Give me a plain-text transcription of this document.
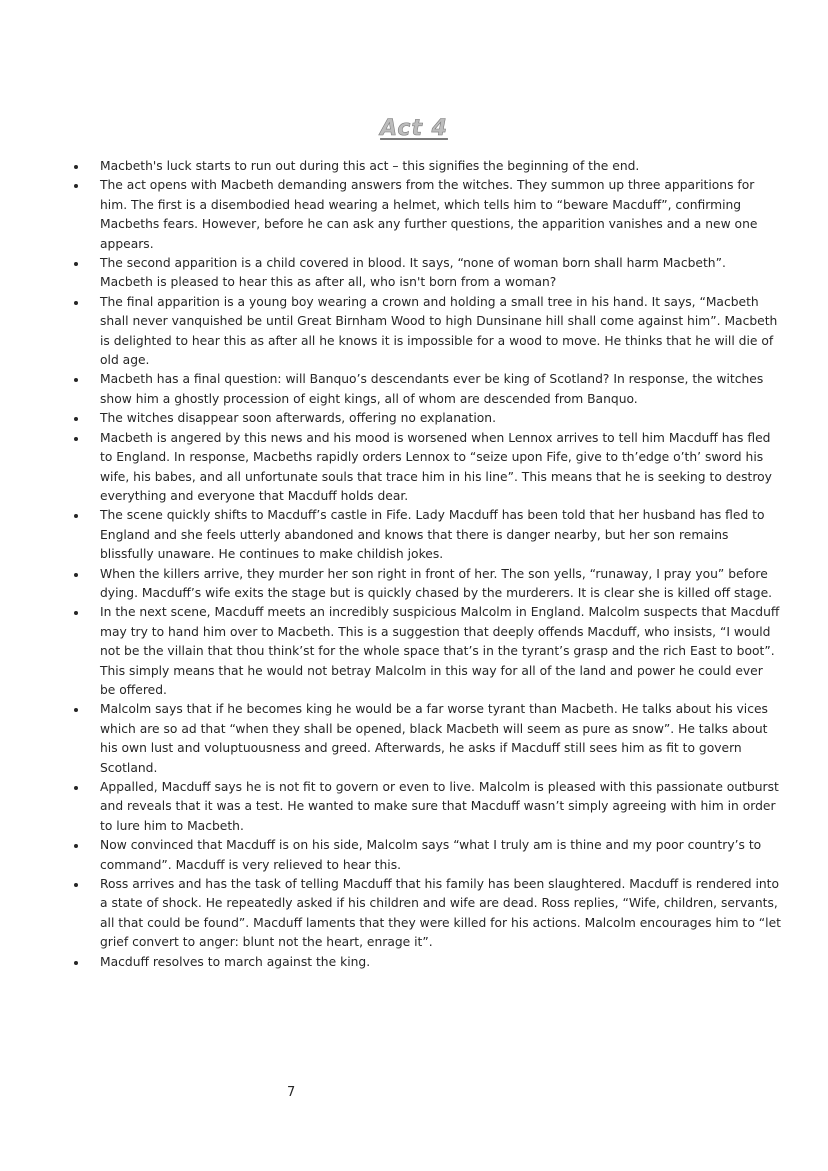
Act 4
Macbeth's luck starts to run out during this act – this signifies the beginning of the end.
The act opens with Macbeth demanding answers from the witches. They summon up three apparitions for him. The first is a disembodied head wearing a helmet, which tells him to “beware Macduff”, confirming Macbeths fears. However, before he can ask any further questions, the apparition vanishes and a new one appears.
The second apparition is a child covered in blood. It says, “none of woman born shall harm Macbeth”. Macbeth is pleased to hear this as after all, who isn't born from a woman?
The final apparition is a young boy wearing a crown and holding a small tree in his hand. It says, “Macbeth shall never vanquished be until Great Birnham Wood to high Dunsinane hill shall come against him”. Macbeth is delighted to hear this as after all he knows it is impossible for a wood to move. He thinks that he will die of old age.
Macbeth has a final question: will Banquo’s descendants ever be king of Scotland? In response, the witches show him a ghostly procession of eight kings, all of whom are descended from Banquo.
The witches disappear soon afterwards, offering no explanation.
Macbeth is angered by this news and his mood is worsened when Lennox arrives to tell him Macduff has fled to England. In response, Macbeths rapidly orders Lennox to “seize upon Fife, give to th’edge o’th’ sword his wife, his babes, and all unfortunate souls that trace him in his line”. This means that he is seeking to destroy everything and everyone that Macduff holds dear.
The scene quickly shifts to Macduff’s castle in Fife. Lady Macduff has been told that her husband has fled to England and she feels utterly abandoned and knows that there is danger nearby, but her son remains blissfully unaware. He continues to make childish jokes.
When the killers arrive, they murder her son right in front of her. The son yells, “runaway, I pray you” before dying. Macduff’s wife exits the stage but is quickly chased by the murderers. It is clear she is killed off stage.
In the next scene, Macduff meets an incredibly suspicious Malcolm in England. Malcolm suspects that Macduff may try to hand him over to Macbeth. This is a suggestion that deeply offends Macduff, who insists, “I would not be the villain that thou think’st for the whole space that’s in the tyrant’s grasp and the rich East to boot”. This simply means that he would not betray Malcolm in this way for all of the land and power he could ever be offered.
Malcolm says that if he becomes king he would be a far worse tyrant than Macbeth. He talks about his vices which are so ad that “when they shall be opened, black Macbeth will seem as pure as snow”. He talks about his own lust and voluptuousness and greed. Afterwards, he asks if Macduff still sees him as fit to govern Scotland.
Appalled, Macduff says he is not fit to govern or even to live. Malcolm is pleased with this passionate outburst and reveals that it was a test. He wanted to make sure that Macduff wasn’t simply agreeing with him in order to lure him to Macbeth.
Now convinced that Macduff is on his side, Malcolm says “what I truly am is thine and my poor country’s to command”. Macduff is very relieved to hear this.
Ross arrives and has the task of telling Macduff that his family has been slaughtered. Macduff is rendered into a state of shock. He repeatedly asked if his children and wife are dead. Ross replies, “Wife, children, servants, all that could be found”. Macduff laments that they were killed for his actions. Malcolm encourages him to “let grief convert to anger: blunt not the heart, enrage it”.
Macduff resolves to march against the king.
7
